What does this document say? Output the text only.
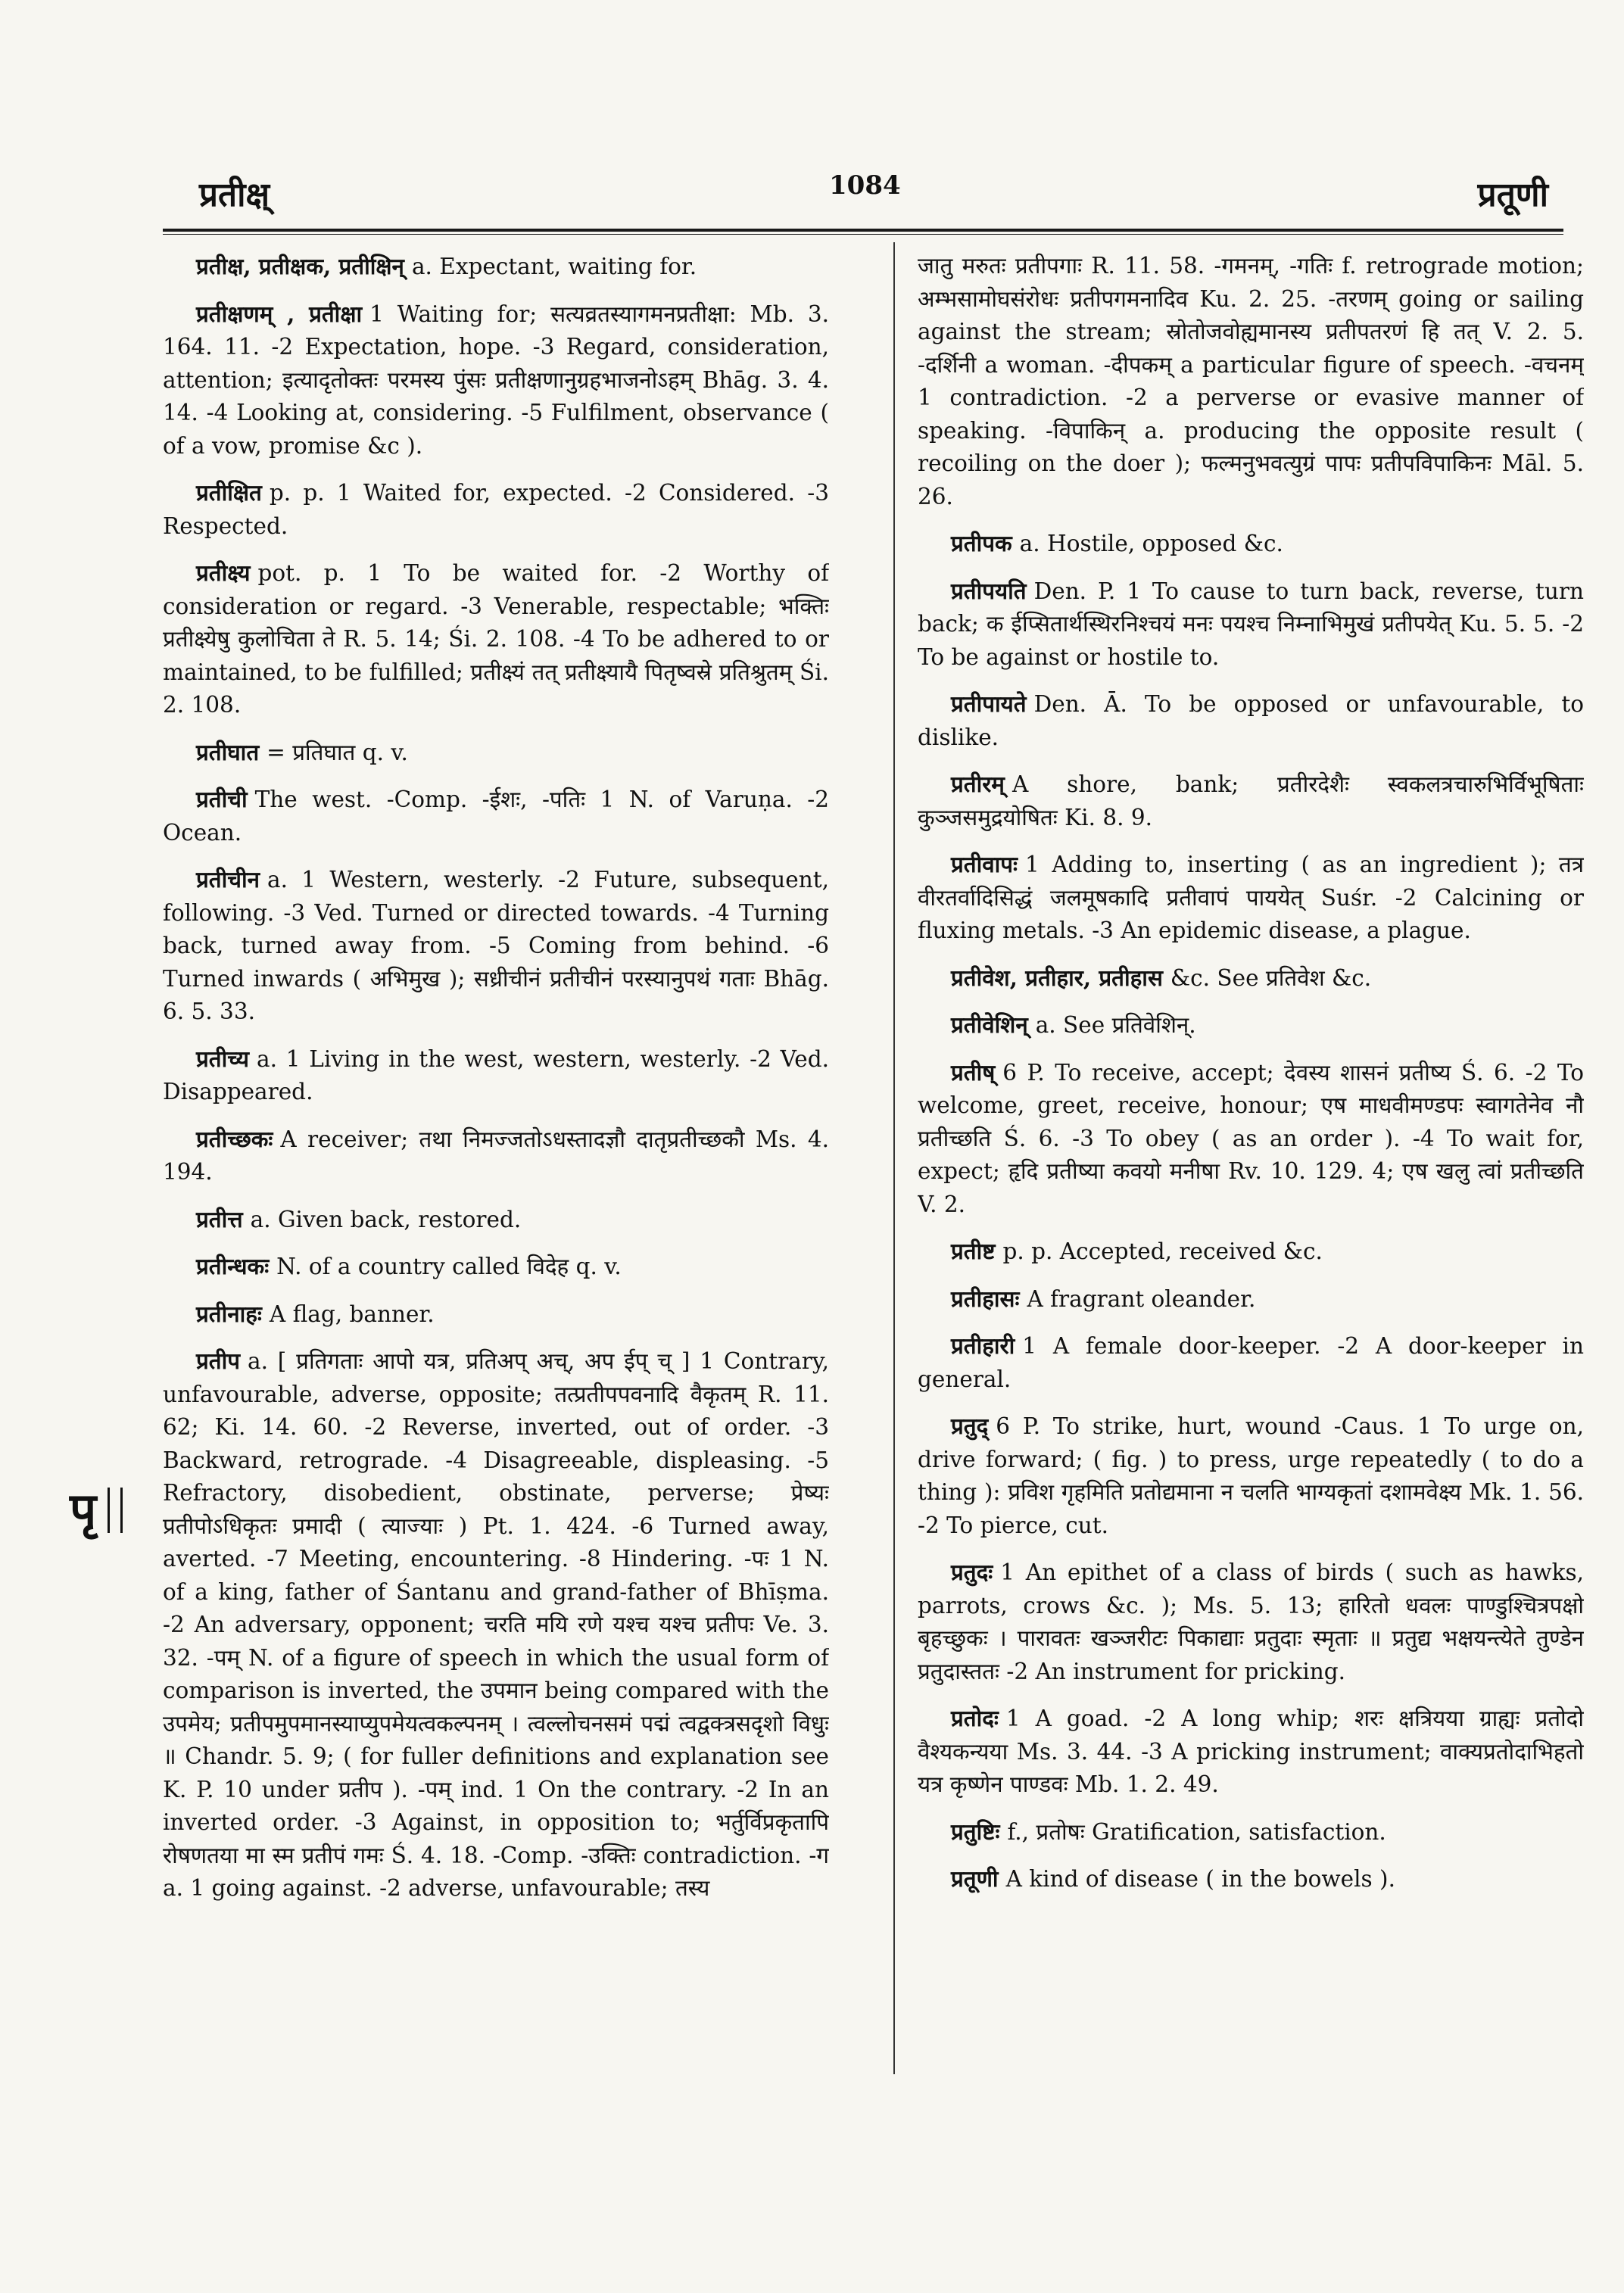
प्रतीक्ष्	1084	प्रतूणी
पृ

प्रतीक्ष, प्रतीक्षक, प्रतीक्षिन् a. Expectant, waiting for.

प्रतीक्षणम् , प्रतीक्षा 1 Waiting for; सत्यव्रतस्यागमनप्रतीक्षा: Mb. 3. 164. 11. -2 Expectation, hope. -3 Regard, consideration, attention; इत्यादृतोक्तः परमस्य पुंसः प्रतीक्षणानुग्रहभाजनोऽहम् Bhāg. 3. 4. 14. -4 Looking at, considering. -5 Fulfilment, observance ( of a vow, promise &c ).

प्रतीक्षित p. p. 1 Waited for, expected. -2 Considered. -3 Respected.

प्रतीक्ष्य pot. p. 1 To be waited for. -2 Worthy of consideration or regard. -3 Venerable, respectable; भक्तिः प्रतीक्ष्येषु कुलोचिता ते R. 5. 14; Śi. 2. 108. -4 To be adhered to or maintained, to be fulfilled; प्रतीक्ष्यं तत् प्रतीक्ष्यायै पितृष्वस्रे प्रतिश्रुतम् Śi. 2. 108.

प्रतीघात = प्रतिघात q. v.

प्रतीची The west. -Comp. -ईशः, -पतिः 1 N. of Varuṇa. -2 Ocean.

प्रतीचीन a. 1 Western, westerly. -2 Future, subsequent, following. -3 Ved. Turned or directed towards. -4 Turning back, turned away from. -5 Coming from behind. -6 Turned inwards ( अभिमुख ); सध्रीचीनं प्रतीचीनं परस्यानुपथं गताः Bhāg. 6. 5. 33.

प्रतीच्य a. 1 Living in the west, western, westerly. -2 Ved. Disappeared.

प्रतीच्छकः A receiver; तथा निमज्जतोऽधस्तादज्ञौ दातृप्रतीच्छकौ Ms. 4. 194.

प्रतीत्त a. Given back, restored.

प्रतीन्धकः N. of a country called विदेह q. v.

प्रतीनाहः A flag, banner.

प्रतीप a. [ प्रतिगताः आपो यत्र, प्रतिअप् अच्, अप ईप् च् ] 1 Contrary, unfavourable, adverse, opposite; तत्प्रतीपपवनादि वैकृतम् R. 11. 62; Ki. 14. 60. -2 Reverse, inverted, out of order. -3 Backward, retrograde. -4 Disagreeable, displeasing. -5 Refractory, disobedient, obstinate, perverse; प्रेष्यः प्रतीपोऽधिकृतः प्रमादी ( त्याज्याः ) Pt. 1. 424. -6 Turned away, averted. -7 Meeting, encountering. -8 Hindering. -पः 1 N. of a king, father of Śantanu and grand-father of Bhīṣma. -2 An adversary, opponent; चरति मयि रणे यश्च यश्च प्रतीपः Ve. 3. 32. -पम् N. of a figure of speech in which the usual form of comparison is inverted, the उपमान being compared with the उपमेय; प्रतीपमुपमानस्याप्युपमेयत्वकल्पनम् । त्वल्लोचनसमं पद्मं त्वद्वक्त्रसदृशो विधुः ॥ Chandr. 5. 9; ( for fuller definitions and explanation see K. P. 10 under प्रतीप ). -पम् ind. 1 On the contrary. -2 In an inverted order. -3 Against, in opposition to; भर्तुर्विप्रकृतापि रोषणतया मा स्म प्रतीपं गमः Ś. 4. 18. -Comp. -उक्तिः contradiction. -ग a. 1 going against. -2 adverse, unfavourable; तस्य

जातु मरुतः प्रतीपगाः R. 11. 58. -गमनम्, -गतिः f. retrograde motion; अम्भसामोघसंरोधः प्रतीपगमनादिव Ku. 2. 25. -तरणम् going or sailing against the stream; स्रोतोजवोह्यमानस्य प्रतीपतरणं हि तत् V. 2. 5. -दर्शिनी a woman. -दीपकम् a particular figure of speech. -वचनम् 1 contradiction. -2 a perverse or evasive manner of speaking. -विपाकिन् a. producing the opposite result ( recoiling on the doer ); फल्मनुभवत्युग्रं पापः प्रतीपविपाकिनः Māl. 5. 26.

प्रतीपक a. Hostile, opposed &c.

प्रतीपयति Den. P. 1 To cause to turn back, reverse, turn back; क ईप्सितार्थस्थिरनिश्चयं मनः पयश्च निम्नाभिमुखं प्रतीपयेत् Ku. 5. 5. -2 To be against or hostile to.

प्रतीपायते Den. Ā. To be opposed or unfavourable, to dislike.

प्रतीरम् A shore, bank; प्रतीरदेशैः स्वकलत्रचारुभिर्विभूषिताः कुञ्जसमुद्रयोषितः Ki. 8. 9.

प्रतीवापः 1 Adding to, inserting ( as an ingredient ); तत्र वीरतर्वादिसिद्धं जलमूषकादि प्रतीवापं पाययेत् Suśr. -2 Calcining or fluxing metals. -3 An epidemic disease, a plague.

प्रतीवेश, प्रतीहार, प्रतीहास &c. See प्रतिवेश &c.

प्रतीवेशिन् a. See प्रतिवेशिन्.

प्रतीष् 6 P. To receive, accept; देवस्य शासनं प्रतीष्य Ś. 6. -2 To welcome, greet, receive, honour; एष माधवीमण्डपः स्वागतेनेव नौ प्रतीच्छति Ś. 6. -3 To obey ( as an order ). -4 To wait for, expect; हृदि प्रतीष्या कवयो मनीषा Rv. 10. 129. 4; एष खलु त्वां प्रतीच्छति V. 2.

प्रतीष्ट p. p. Accepted, received &c.

प्रतीहासः A fragrant oleander.

प्रतीहारी 1 A female door-keeper. -2 A door-keeper in general.

प्रतुद् 6 P. To strike, hurt, wound -Caus. 1 To urge on, drive forward; ( fig. ) to press, urge repeatedly ( to do a thing ): प्रविश गृहमिति प्रतोद्यमाना न चलति भाग्यकृतां दशामवेक्ष्य Mk. 1. 56. -2 To pierce, cut.

प्रतुदः 1 An epithet of a class of birds ( such as hawks, parrots, crows &c. ); Ms. 5. 13; हारितो धवलः पाण्डुश्चित्रपक्षो बृहच्छुकः । पारावतः खञ्जरीटः पिकाद्याः प्रतुदाः स्मृताः ॥ प्रतुद्य भक्षयन्त्येते तुण्डेन प्रतुदास्ततः -2 An instrument for pricking.

प्रतोदः 1 A goad. -2 A long whip; शरः क्षत्रियया ग्राह्यः प्रतोदो वैश्यकन्यया Ms. 3. 44. -3 A pricking instrument; वाक्यप्रतोदाभिहतो यत्र कृष्णेन पाण्डवः Mb. 1. 2. 49.

प्रतुष्टिः f., प्रतोषः Gratification, satisfaction.

प्रतूणी A kind of disease ( in the bowels ).
